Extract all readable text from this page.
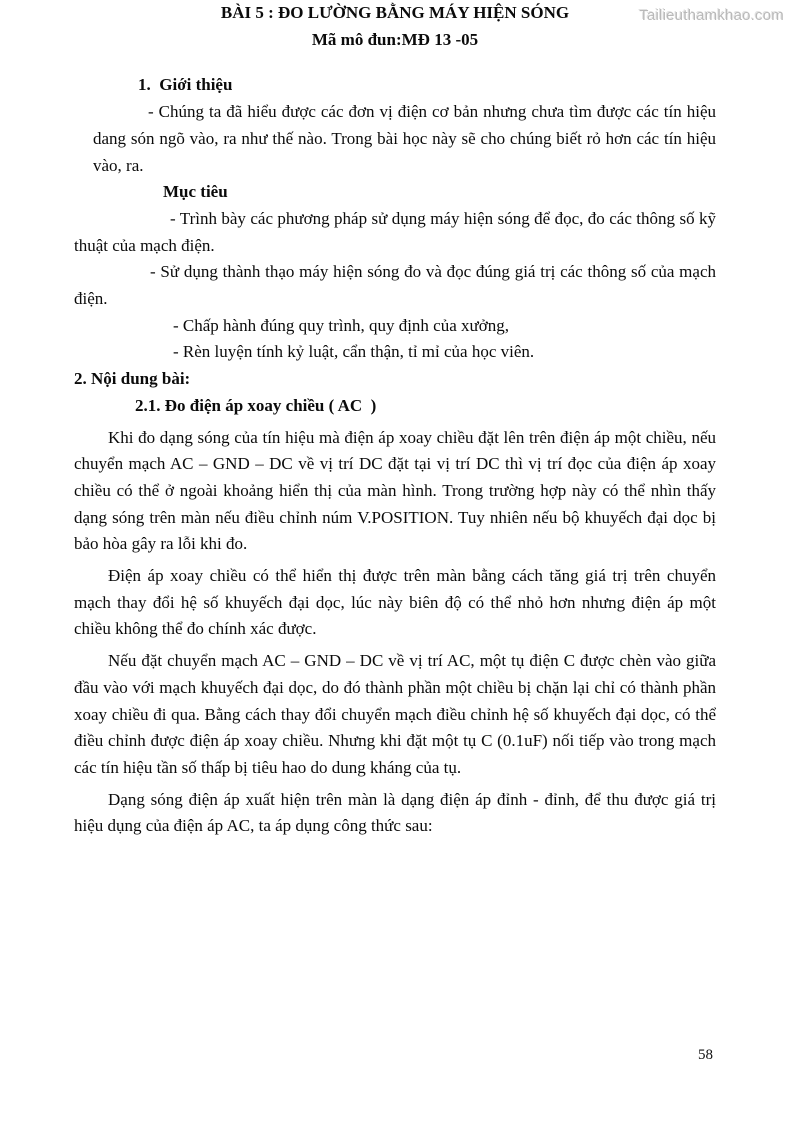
Tailieuthamkhao.com
BÀI 5 : ĐO LƯỜNG BẰNG MÁY HIỆN SÓNG
Mã mô đun:MĐ 13 -05
1.  Giới thiệu

- Chúng ta đã hiểu được các đơn vị điện cơ bản nhưng chưa tìm được các tín hiệu dang són ngõ vào, ra như thế nào. Trong bài học này sẽ cho chúng biết rỏ hơn các tín hiệu vào, ra.

Mục tiêu

- Trình bày các phương pháp sử dụng máy hiện sóng để đọc, đo các thông số kỹ thuật của mạch điện.

- Sử dụng thành thạo máy hiện sóng đo và đọc đúng giá trị các thông số của mạch điện.

- Chấp hành đúng quy trình, quy định của xưởng,

- Rèn luyện tính kỷ luật, cẩn thận, tỉ mỉ của học viên.

2. Nội dung bài:
2.1. Đo điện áp xoay chiều ( AC  )

Khi đo dạng sóng của tín hiệu mà điện áp xoay chiều đặt lên trên điện áp một chiều, nếu chuyển mạch AC – GND – DC về vị trí DC đặt tại vị trí DC thì vị trí đọc của điện áp xoay chiều có thể ở ngoài khoảng hiển thị của màn hình. Trong trường hợp này có thể nhìn thấy dạng sóng trên màn nếu điều chỉnh núm V.POSITION. Tuy nhiên nếu bộ khuyếch đại dọc bị bảo hòa gây ra lỗi khi đo.

Điện áp xoay chiều có thể hiển thị được trên màn bằng cách tăng giá trị trên chuyển mạch thay đổi hệ số khuyếch đại dọc, lúc này biên độ có thể nhỏ hơn nhưng điện áp một chiều không thể đo chính xác được.

Nếu đặt chuyển mạch AC – GND – DC về vị trí AC, một tụ điện C được chèn vào giữa đầu vào với mạch khuyếch đại dọc, do đó thành phần một chiều bị chặn lại chỉ có thành phần xoay chiều đi qua. Bằng cách thay đổi chuyển mạch điều chỉnh hệ số khuyếch đại dọc, có thể điều chỉnh được điện áp xoay chiều. Nhưng khi đặt một tụ C (0.1uF) nối tiếp vào trong mạch các tín hiệu tần số thấp bị tiêu hao do dung kháng của tụ.

Dạng sóng điện áp xuất hiện trên màn là dạng điện áp đỉnh - đỉnh, để thu được giá trị hiệu dụng của điện áp AC, ta áp dụng công thức sau:

58
